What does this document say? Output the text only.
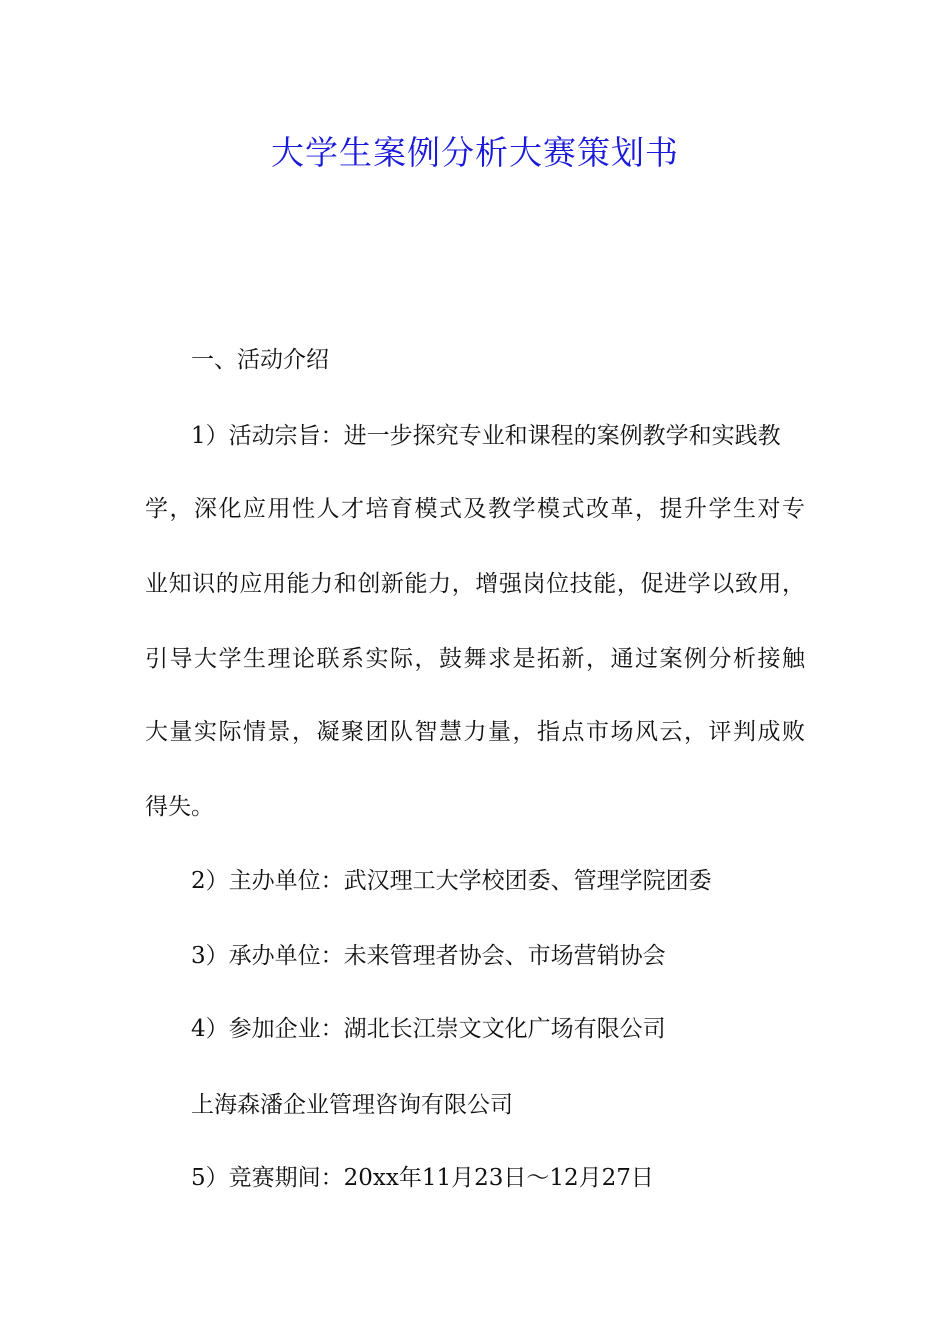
大学生案例分析大赛策划书
一、活动介绍
1）活动宗旨：进一步探究专业和课程的案例教学和实践教
学，深化应用性人才培育模式及教学模式改革，提升学生对专
业知识的应用能力和创新能力，增强岗位技能，促进学以致用，
引导大学生理论联系实际，鼓舞求是拓新，通过案例分析接触
大量实际情景，凝聚团队智慧力量，指点市场风云，评判成败
得失。
2）主办单位：武汉理工大学校团委、管理学院团委
3）承办单位：未来管理者协会、市场营销协会
4）参加企业：湖北长江崇文文化广场有限公司
上海森潘企业管理咨询有限公司
5）竞赛期间：20xx年11月23日～12月27日
